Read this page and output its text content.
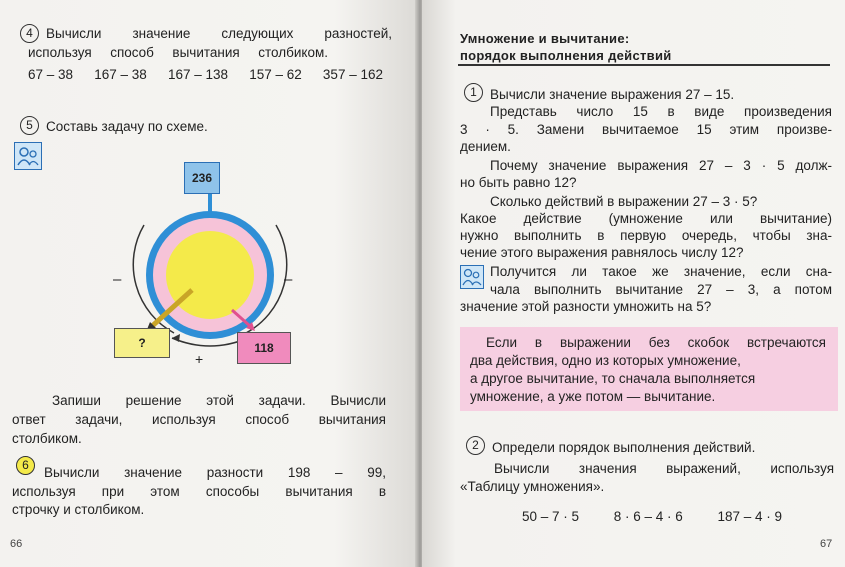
4 Вычисли значение следующих разностей,
используя способ вычитания столбиком.
67 – 38 167 – 38 167 – 138 157 – 62 357 – 162
5 Составь задачу по схеме.
236
?	118
–	–
+
Запиши решение этой задачи. Вычисли
ответ задачи, используя способ вычитания
столбиком.
6	Вычисли значение разности 198 – 99,
используя при этом способы вычитания в
строчку и столбиком.
66
Умножение и вычитание:
порядок выполнения действий
1 Вычисли значение выражения 27 – 15.
Представь число 15 в виде произведения
3 · 5. Замени вычитаемое 15 этим произве-
дением.
Почему значение выражения 27 – 3 · 5 долж-
но быть равно 12?
Сколько действий в выражении 27 – 3 · 5?
Какое действие (умножение или вычитание)
нужно выполнить в первую очередь, чтобы зна-
чение этого выражения равнялось числу 12?
Получится ли такое же значение, если сна-
чала выполнить вычитание 27 – 3, а потом
значение этой разности умножить на 5?
Если в выражении без скобок встречаются
два действия, одно из которых умножение,
а другое вычитание, то сначала выполняется
умножение, а уже потом — вычитание.
2 Определи порядок выполнения действий.
Вычисли значения выражений, используя
«Таблицу умножения».
50 – 7 · 5	8 · 6 – 4 · 6	187 – 4 · 9
67
